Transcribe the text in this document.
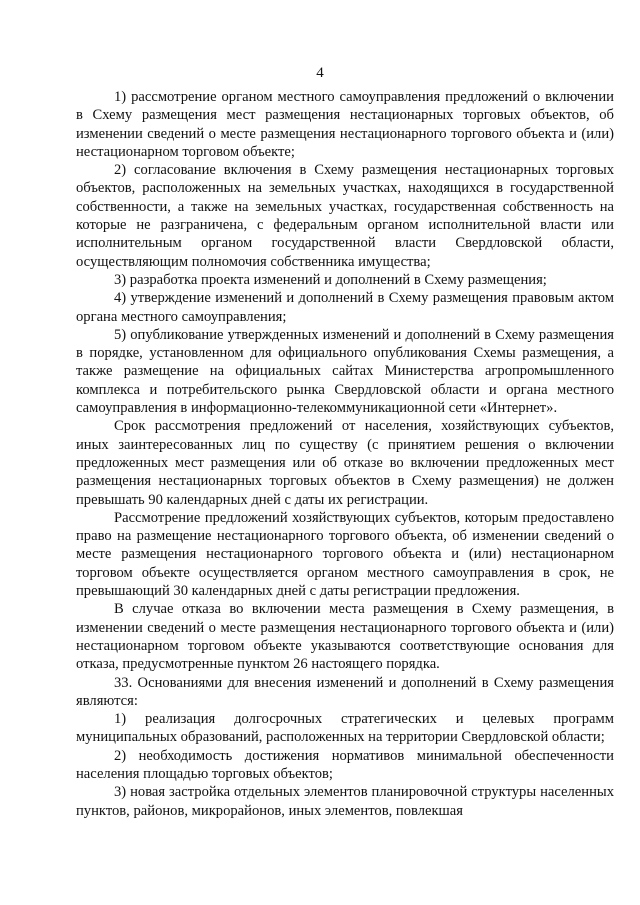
4

1) рассмотрение органом местного самоуправления предложений о включении в Схему размещения мест размещения нестационарных торговых объектов, об изменении сведений о месте размещения нестационарного торгового объекта и (или) нестационарном торговом объекте;

2) согласование включения в Схему размещения нестационарных торговых объектов, расположенных на земельных участках, находящихся в государственной собственности, а также на земельных участках, государственная собственность на которые не разграничена, с федеральным органом исполнительной власти или исполнительным органом государственной власти Свердловской области, осуществляющим полномочия собственника имущества;

3) разработка проекта изменений и дополнений в Схему размещения;

4) утверждение изменений и дополнений в Схему размещения правовым актом органа местного самоуправления;

5) опубликование утвержденных изменений и дополнений в Схему размещения в порядке, установленном для официального опубликования Схемы размещения, а также размещение на официальных сайтах Министерства агропромышленного комплекса и потребительского рынка Свердловской области и органа местного самоуправления в информационно-телекоммуникационной сети «Интернет».

Срок рассмотрения предложений от населения, хозяйствующих субъектов, иных заинтересованных лиц по существу (с принятием решения о включении предложенных мест размещения или об отказе во включении предложенных мест размещения нестационарных торговых объектов в Схему размещения) не должен превышать 90 календарных дней с даты их регистрации.

Рассмотрение предложений хозяйствующих субъектов, которым предоставлено право на размещение нестационарного торгового объекта, об изменении сведений о месте размещения нестационарного торгового объекта и (или) нестационарном торговом объекте осуществляется органом местного самоуправления в срок, не превышающий 30 календарных дней с даты регистрации предложения.

В случае отказа во включении места размещения в Схему размещения, в изменении сведений о месте размещения нестационарного торгового объекта и (или) нестационарном торговом объекте указываются соответствующие основания для отказа, предусмотренные пунктом 26 настоящего порядка.

33. Основаниями для внесения изменений и дополнений в Схему размещения являются:

1) реализация долгосрочных стратегических и целевых программ муниципальных образований, расположенных на территории Свердловской области;

2) необходимость достижения нормативов минимальной обеспеченности населения площадью торговых объектов;

3) новая застройка отдельных элементов планировочной структуры населенных пунктов, районов, микрорайонов, иных элементов, повлекшая
